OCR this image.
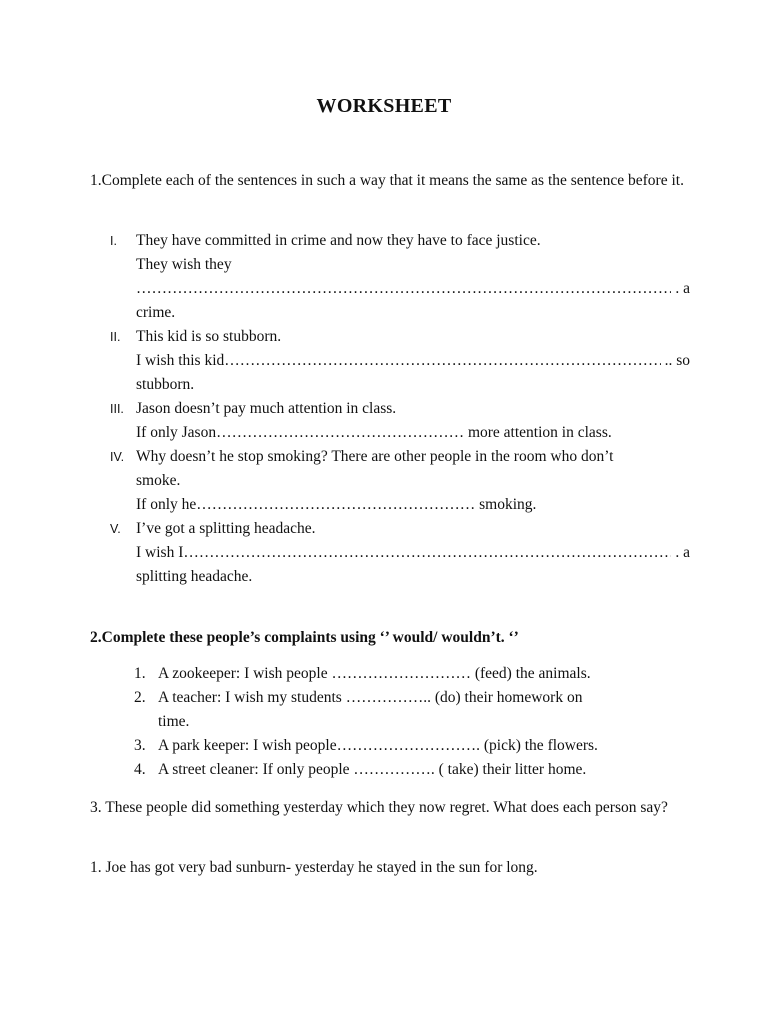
WORKSHEET
1.Complete each of the sentences in such a way that it means the same as the sentence before it.
I. They have committed in crime and now they have to face justice.
They wish they
………………………………………………………………………………………………………………………………………
. a
crime.
II. This kid is so stubborn.
I wish this kid ………………………………………………………………………………………………………………………………………	.. so
stubborn.
III. Jason doesn’t pay much attention in class.
If only Jason………………………………………… more attention in class.
IV. Why doesn’t he stop smoking? There are other people in the room who don’t
smoke.
If only he……………………………………………… smoking.
V. I’ve got a splitting headache.
I wish I ………………………………………………………………………………………………………………………………………	. a
splitting headache.
2.Complete these people’s complaints using ‘’ would/ wouldn’t. ‘’
1. A zookeeper: I wish people ……………………… (feed) the animals.
2. A teacher: I wish my students …………….. (do) their homework on
time.
3. A park keeper: I wish people………………………. (pick) the flowers.
4. A street cleaner: If only people ……………. ( take) their litter home.
3. These people did something yesterday which they now regret. What does each person say?
1. Joe has got very bad sunburn- yesterday he stayed in the sun for long.
